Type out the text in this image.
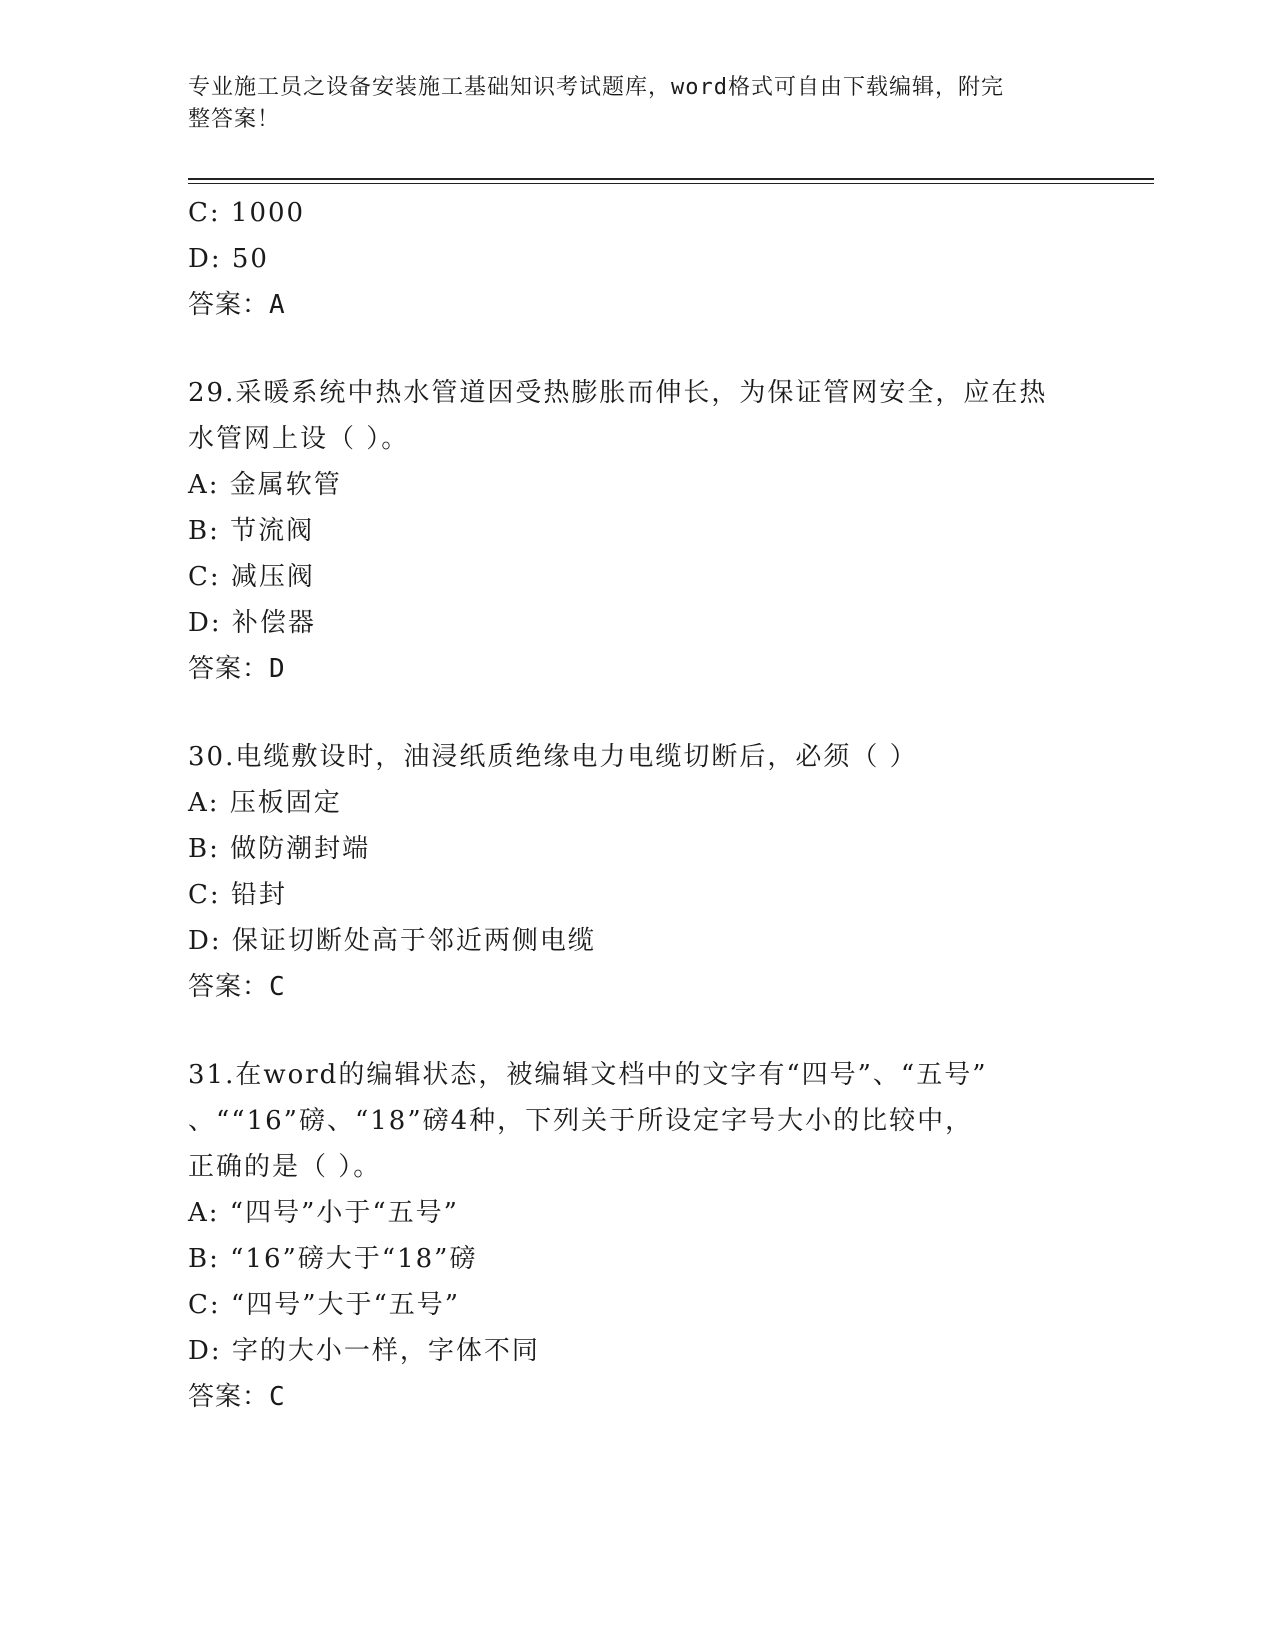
专业施工员之设备安装施工基础知识考试题库，word格式可自由下载编辑，附完
整答案！
C: 1000
D: 50
答案：A
29.采暖系统中热水管道因受热膨胀而伸长，为保证管网安全，应在热
水管网上设（ ）。
A: 金属软管
B: 节流阀
C: 减压阀
D: 补偿器
答案：D
30.电缆敷设时，油浸纸质绝缘电力电缆切断后，必须（ ）
A: 压板固定
B: 做防潮封端
C: 铅封
D: 保证切断处高于邻近两侧电缆
答案：C
31.在word的编辑状态，被编辑文档中的文字有“四号”、“五号”
、““16”磅、“18”磅4种，下列关于所设定字号大小的比较中，
正确的是（ ）。
A: “四号”小于“五号”
B: “16”磅大于“18”磅
C: “四号”大于“五号”
D: 字的大小一样，字体不同
答案：C
